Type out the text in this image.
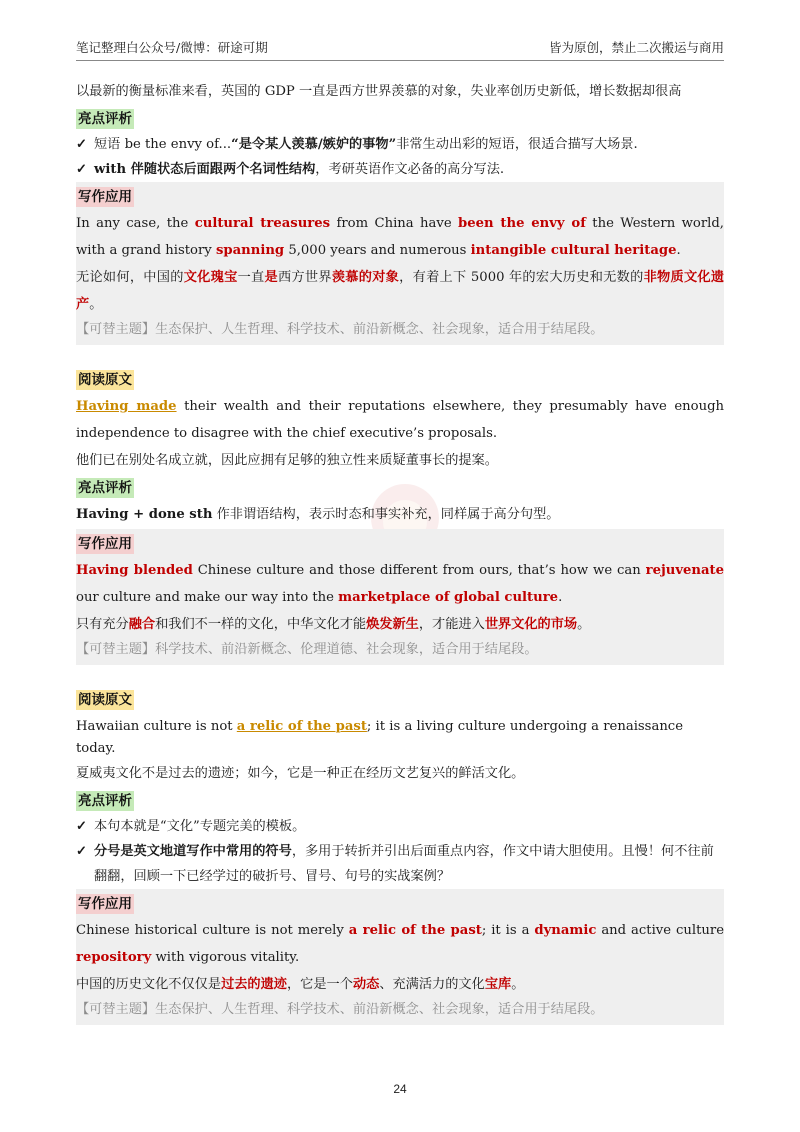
笔记整理白公众号/微博：研途可期	皆为原创，禁止二次搬运与商用
以最新的衡量标准来看，英国的 GDP 一直是西方世界羡慕的对象，失业率创历史新低，增长数据却很高
亮点评析
✓ 短语 be the envy of...“是令某人羡慕/嫉妒的事物”非常生动出彩的短语，很适合描写大场景.
✓ with 伴随状态后面跟两个名词性结构，考研英语作文必备的高分写法.
写作应用
In any case, the cultural treasures from China have been the envy of the Western world, with a grand history spanning 5,000 years and numerous intangible cultural heritage.
无论如何，中国的文化瑰宝一直是西方世界羡慕的对象，有着上下 5000 年的宏大历史和无数的非物质文化遗产。
【可替主题】生态保护、人生哲理、科学技术、前沿新概念、社会现象，适合用于结尾段。
阅读原文
Having made their wealth and their reputations elsewhere, they presumably have enough independence to disagree with the chief executive’s proposals.
他们已在别处名成立就，因此应拥有足够的独立性来质疑董事长的提案。
亮点评析
Having + done sth 作非谓语结构，表示时态和事实补充，同样属于高分句型。
写作应用
Having blended Chinese culture and those different from ours, that’s how we can rejuvenate our culture and make our way into the marketplace of global culture.
只有充分融合和我们不一样的文化，中华文化才能焕发新生，才能进入世界文化的市场。
【可替主题】科学技术、前沿新概念、伦理道德、社会现象，适合用于结尾段。
阅读原文
Hawaiian culture is not a relic of the past; it is a living culture undergoing a renaissance today.
夏威夷文化不是过去的遗迹；如今，它是一种正在经历文艺复兴的鲜活文化。
亮点评析
✓ 本句本就是“文化”专题完美的模板。
✓ 分号是英文地道写作中常用的符号，多用于转折并引出后面重点内容，作文中请大胆使用。且慢！何不往前翻翻，回顾一下已经学过的破折号、冒号、句号的实战案例？
写作应用
Chinese historical culture is not merely a relic of the past; it is a dynamic and active culture repository with vigorous vitality.
中国的历史文化不仅仅是过去的遗迹，它是一个动态、充满活力的文化宝库。
【可替主题】生态保护、人生哲理、科学技术、前沿新概念、社会现象，适合用于结尾段。
24
